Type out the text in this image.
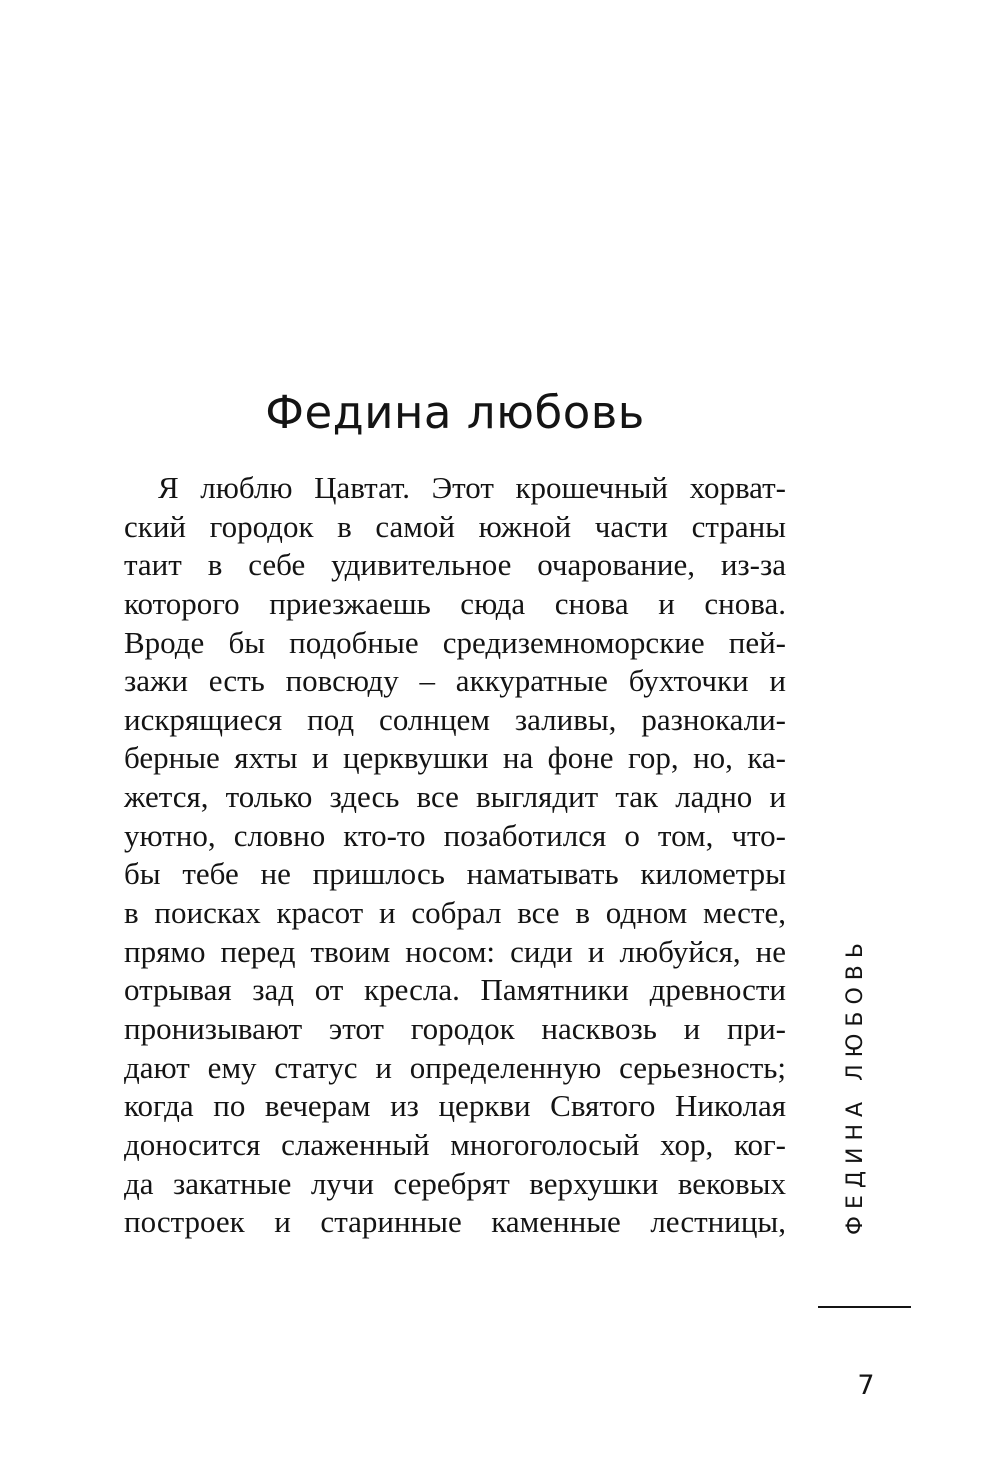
Федина любовь
Я люблю Цавтат. Этот крошечный хорват-
ский городок в самой южной части страны
таит в себе удивительное очарование, из-за
которого приезжаешь сюда снова и снова.
Вроде бы подобные средиземноморские пей-
зажи есть повсюду – аккуратные бухточки и
искрящиеся под солнцем заливы, разнокали-
берные яхты и церквушки на фоне гор, но, ка-
жется, только здесь все выглядит так ладно и
уютно, словно кто-то позаботился о том, что-
бы тебе не пришлось наматывать километры
в поисках красот и собрал все в одном месте,
прямо перед твоим носом: сиди и любуйся, не
отрывая зад от кресла. Памятники древности
пронизывают этот городок насквозь и при-
дают ему статус и определенную серьезность;
когда по вечерам из церкви Святого Николая
доносится слаженный многоголосый хор, ког-
да закатные лучи серебрят верхушки вековых
построек и старинные каменные лестницы,	ФЕДИНА ЛЮБОВЬ
7
